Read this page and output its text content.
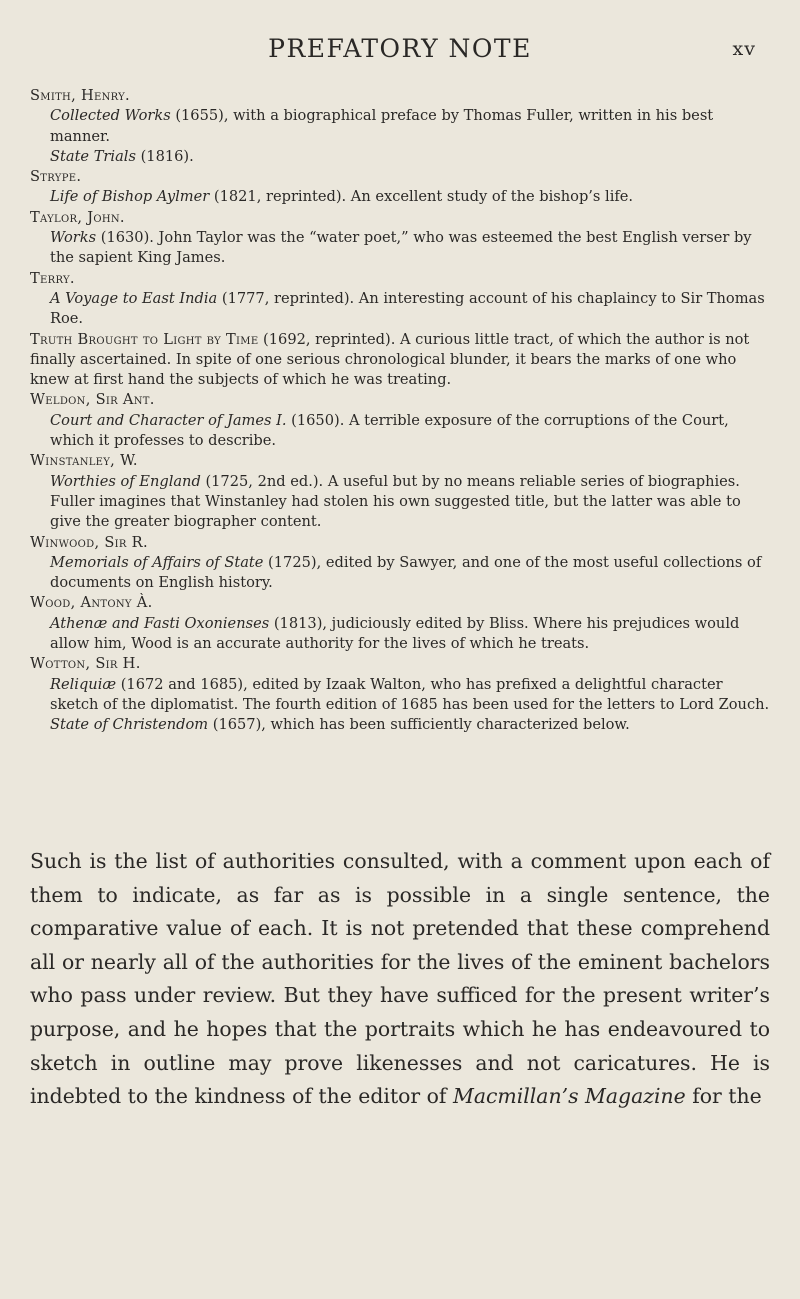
PREFATORY NOTE	xv

Smith, Henry.

Collected Works (1655), with a biographical preface by Thomas Fuller, written in his best manner.

State Trials (1816).

Strype.

Life of Bishop Aylmer (1821, reprinted). An excellent study of the bishop’s life.

Taylor, John.

Works (1630). John Taylor was the “water poet,” who was esteemed the best English verser by the sapient King James.

Terry.

A Voyage to East India (1777, reprinted). An interesting account of his chaplaincy to Sir Thomas Roe.

Truth Brought to Light by Time (1692, reprinted). A curious little tract, of which the author is not finally ascertained. In spite of one serious chronological blunder, it bears the marks of one who knew at first hand the subjects of which he was treating.

Weldon, Sir Ant.

Court and Character of James I. (1650). A terrible exposure of the corruptions of the Court, which it professes to describe.

Winstanley, W.

Worthies of England (1725, 2nd ed.). A useful but by no means reliable series of biographies. Fuller imagines that Winstanley had stolen his own suggested title, but the latter was able to give the greater biographer content.

Winwood, Sir R.

Memorials of Affairs of State (1725), edited by Sawyer, and one of the most useful collections of documents on English history.

Wood, Antony À.

Athenæ and Fasti Oxonienses (1813), judiciously edited by Bliss. Where his prejudices would allow him, Wood is an accurate authority for the lives of which he treats.

Wotton, Sir H.

Reliquiæ (1672 and 1685), edited by Izaak Walton, who has prefixed a delightful character sketch of the diplomatist. The fourth edition of 1685 has been used for the letters to Lord Zouch.

State of Christendom (1657), which has been sufficiently characterized below.

Such is the list of authorities consulted, with a comment upon each of them to indicate, as far as is possible in a single sentence, the comparative value of each. It is not pretended that these comprehend all or nearly all of the authorities for the lives of the eminent bachelors who pass under review. But they have sufficed for the present writer’s purpose, and he hopes that the portraits which he has endeavoured to sketch in outline may prove likenesses and not caricatures. He is indebted to the kindness of the editor of Macmillan’s Magazine for the
